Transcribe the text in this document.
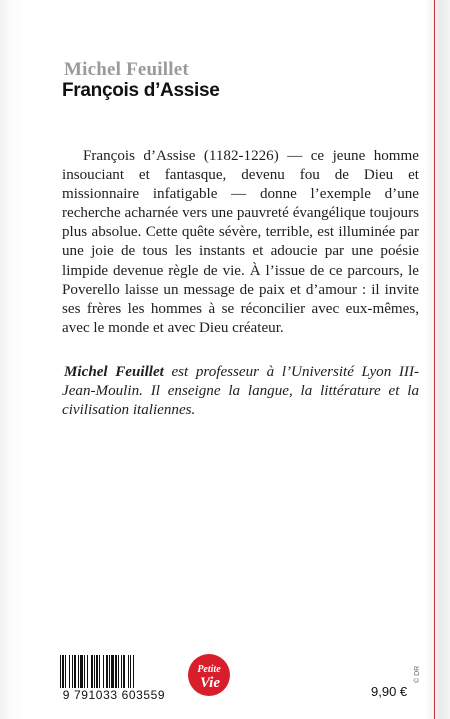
Michel Feuillet
François d’Assise

François d’Assise (1182-1226) — ce jeune homme insouciant et fantasque, devenu fou de Dieu et missionnaire infatigable — donne l’exemple d’une recherche acharnée vers une pauvreté évangélique toujours plus absolue. Cette quête sévère, terrible, est illuminée par une joie de tous les instants et adoucie par une poésie limpide devenue règle de vie. À l’issue de ce parcours, le Poverello laisse un message de paix et d’amour : il invite ses frères les hommes à se réconcilier avec eux-mêmes, avec le monde et avec Dieu créateur.

Michel Feuillet est professeur à l’Université Lyon III-Jean-Moulin. Il enseigne la langue, la littérature et la civilisation italiennes.

9 791033 603559
Petite
Vie
9,90 €
© DR
